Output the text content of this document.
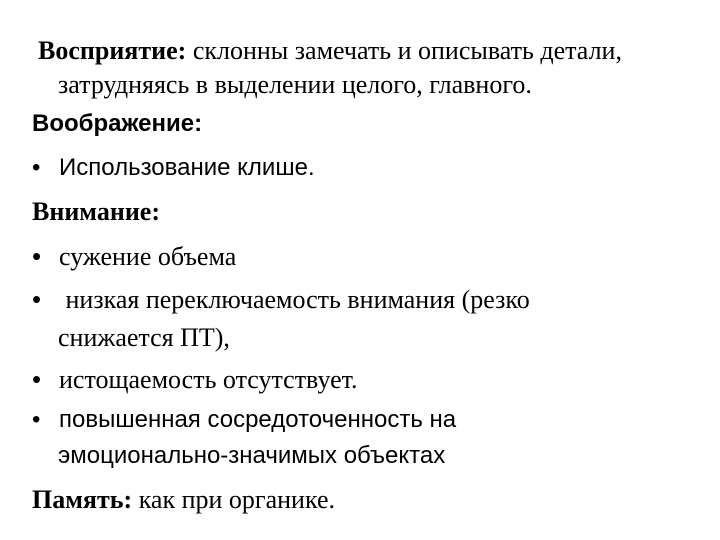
Восприятие: склонны замечать и описывать детали,
затрудняясь в выделении целого, главного.
Воображение:
• Использование клише.
Внимание:
• сужение объема
• низкая переключаемость внимания (резко
снижается ПТ),
• истощаемость отсутствует.
• повышенная сосредоточенность на
эмоционально-значимых объектах
Память: как при органике.
